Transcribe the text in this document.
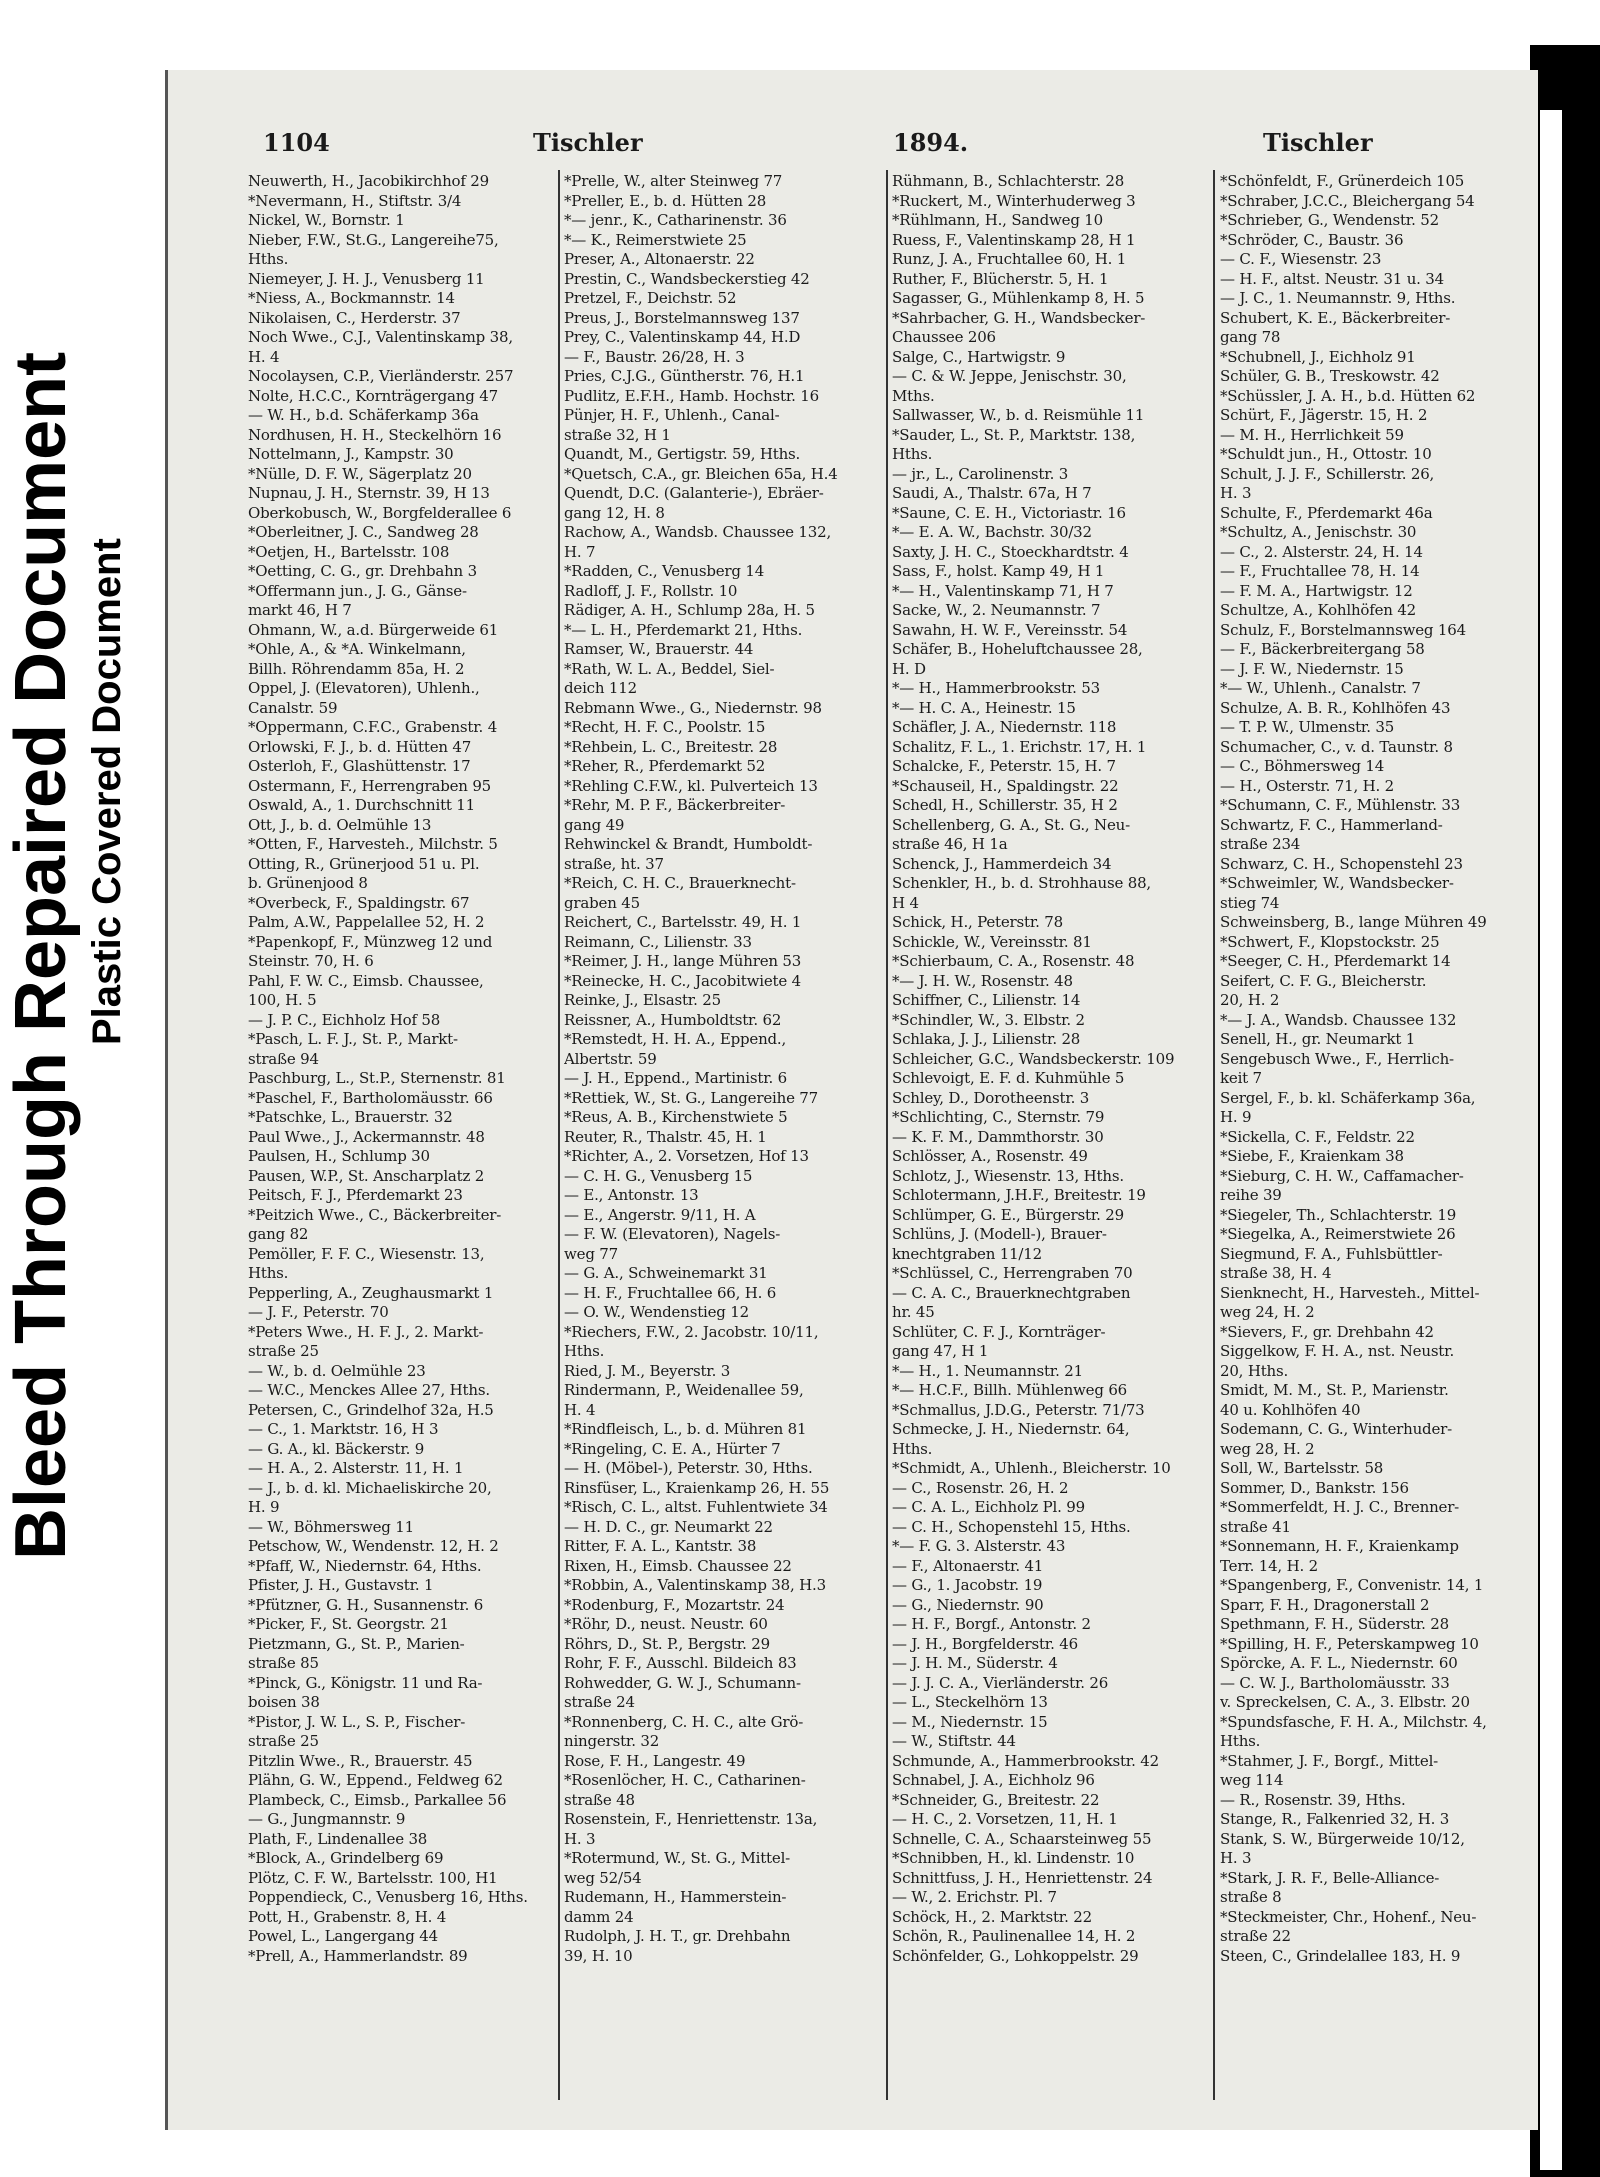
Bleed Through Repaired Document Plastic Covered Document
1104	Tischler	1894.	Tischler
Neuwerth, H., Jacobikirchhof 29
*Nevermann, H., Stiftstr. 3/4
Nickel, W., Bornstr. 1
Nieber, F.W., St.G., Langereihe75,
Hths.
Niemeyer, J. H. J., Venusberg 11
*Niess, A., Bockmannstr. 14
Nikolaisen, C., Herderstr. 37
Noch Wwe., C.J., Valentinskamp 38,
H. 4
Nocolaysen, C.P., Vierländerstr. 257
Nolte, H.C.C., Kornträgergang 47
— W. H., b.d. Schäferkamp 36a
Nordhusen, H. H., Steckelhörn 16
Nottelmann, J., Kampstr. 30
*Nülle, D. F. W., Sägerplatz 20
Nupnau, J. H., Sternstr. 39, H 13
Oberkobusch, W., Borgfelderallee 6
*Oberleitner, J. C., Sandweg 28
*Oetjen, H., Bartelsstr. 108
*Oetting, C. G., gr. Drehbahn 3
*Offermann jun., J. G., Gänse-
markt 46, H 7
Ohmann, W., a.d. Bürgerweide 61
*Ohle, A., & *A. Winkelmann,
Billh. Röhrendamm 85a, H. 2
Oppel, J. (Elevatoren), Uhlenh.,
Canalstr. 59
*Oppermann, C.F.C., Grabenstr. 4
Orlowski, F. J., b. d. Hütten 47
Osterloh, F., Glashüttenstr. 17
Ostermann, F., Herrengraben 95
Oswald, A., 1. Durchschnitt 11
Ott, J., b. d. Oelmühle 13
*Otten, F., Harvestеh., Milchstr. 5
Otting, R., Grünerjood 51 u. Pl.
b. Grünenjood 8
*Overbeck, F., Spaldingstr. 67
Palm, A.W., Pappelallee 52, H. 2
*Papenkopf, F., Münzweg 12 und
Steinstr. 70, H. 6
Pahl, F. W. C., Eimsb. Chaussee,
100, H. 5
— J. P. C., Eichholz Hof 58
*Pasch, L. F. J., St. P., Markt-
straße 94
Paschburg, L., St.P., Sternenstr. 81
*Paschel, F., Bartholomäusstr. 66
*Patschke, L., Brauerstr. 32
Paul Wwe., J., Ackermannstr. 48
Paulsen, H., Schlump 30
Pausen, W.P., St. Anscharplatz 2
Peitsch, F. J., Pferdemarkt 23
*Peitzich Wwe., C., Bäckerbreiter-
gang 82
Pemöller, F. F. C., Wiesenstr. 13,
Hths.
Pepperling, A., Zeughausmarkt 1
— J. F., Peterstr. 70
*Peters Wwe., H. F. J., 2. Markt-
straße 25
— W., b. d. Oelmühle 23
— W.C., Menckes Allee 27, Hths.
Petersen, C., Grindelhof 32a, H.5
— C., 1. Marktstr. 16, H 3
— G. A., kl. Bäckerstr. 9
— H. A., 2. Alsterstr. 11, H. 1
— J., b. d. kl. Michaeliskirche 20,
H. 9
— W., Böhmersweg 11
Petschow, W., Wendenstr. 12, H. 2
*Pfaff, W., Niedernstr. 64, Hths.
Pfister, J. H., Gustavstr. 1
*Pfützner, G. H., Susannenstr. 6
*Picker, F., St. Georgstr. 21
Pietzmann, G., St. P., Marien-
straße 85
*Pinck, G., Königstr. 11 und Ra-
boisen 38
*Pistor, J. W. L., S. P., Fischer-
straße 25
Pitzlin Wwe., R., Brauerstr. 45
Plähn, G. W., Eppend., Feldweg 62
Plambeck, C., Eimsb., Parkallee 56
— G., Jungmannstr. 9
Plath, F., Lindenallee 38
*Block, A., Grindelberg 69
Plötz, C. F. W., Bartelsstr. 100, H1
Poppendieck, C., Venusberg 16, Hths.
Pott, H., Grabenstr. 8, H. 4
Powel, L., Langergang 44
*Prell, A., Hammerlandstr. 89
*Prelle, W., alter Steinweg 77
*Preller, E., b. d. Hütten 28
*— jenr., K., Catharinenstr. 36
*— K., Reimerstwiete 25
Preser, A., Altonaerstr. 22
Prestin, C., Wandsbeckerstieg 42
Pretzel, F., Deichstr. 52
Preus, J., Borstelmannsweg 137
Prey, C., Valentinskamp 44, H.D
— F., Baustr. 26/28, H. 3
Pries, C.J.G., Güntherstr. 76, H.1
Pudlitz, E.F.H., Hamb. Hochstr. 16
Pünjer, H. F., Uhlenh., Canal-
straße 32, H 1
Quandt, M., Gertigstr. 59, Hths.
*Quetsch, C.A., gr. Bleichen 65a, H.4
Quendt, D.C. (Galanterie-), Ebräer-
gang 12, H. 8
Rachow, A., Wandsb. Chaussee 132,
H. 7
*Radden, C., Venusberg 14
Radloff, J. F., Rollstr. 10
Rädiger, A. H., Schlump 28a, H. 5
*— L. H., Pferdemarkt 21, Hths.
Ramser, W., Brauerstr. 44
*Rath, W. L. A., Beddel, Siel-
deich 112
Rebmann Wwe., G., Niedernstr. 98
*Recht, H. F. C., Poolstr. 15
*Rehbein, L. C., Breitestr. 28
*Reher, R., Pferdemarkt 52
*Rehling C.F.W., kl. Pulverteich 13
*Rehr, M. P. F., Bäckerbreiter-
gang 49
Rehwinckel & Brandt, Humboldt-
straße, ht. 37
*Reich, C. H. C., Brauerknecht-
graben 45
Reichert, C., Bartelsstr. 49, H. 1
Reimann, C., Lilienstr. 33
*Reimer, J. H., lange Mühren 53
*Reinecke, H. C., Jacobitwiete 4
Reinke, J., Elsastr. 25
Reissner, A., Humboldtstr. 62
*Remstedt, H. H. A., Eppend.,
Albertstr. 59
— J. H., Eppend., Martinistr. 6
*Rettiek, W., St. G., Langereihe 77
*Reus, A. B., Kirchenstwiete 5
Reuter, R., Thalstr. 45, H. 1
*Richter, A., 2. Vorsetzen, Hof 13
— C. H. G., Venusberg 15
— E., Antonstr. 13
— E., Angerstr. 9/11, H. A
— F. W. (Elevatoren), Nagels-
weg 77
— G. A., Schweinemarkt 31
— H. F., Fruchtallee 66, H. 6
— O. W., Wendenstieg 12
*Riechers, F.W., 2. Jacobstr. 10/11,
Hths.
Ried, J. M., Beyerstr. 3
Rindermann, P., Weidenallee 59,
H. 4
*Rindfleisch, L., b. d. Mühren 81
*Ringeling, C. E. A., Hürter 7
— H. (Möbel-), Peterstr. 30, Hths.
Rinsfüser, L., Kraienkamp 26, H. 55
*Risch, C. L., altst. Fuhlentwiete 34
— H. D. C., gr. Neumarkt 22
Ritter, F. A. L., Kantstr. 38
Rixen, H., Eimsb. Chaussee 22
*Robbin, A., Valentinskamp 38, H.3
*Rodenburg, F., Mozartstr. 24
*Röhr, D., neust. Neustr. 60
Röhrs, D., St. P., Bergstr. 29
Rohr, F. F., Ausschl. Bildeich 83
Rohwedder, G. W. J., Schumann-
straße 24
*Ronnenberg, C. H. C., alte Grö-
ningerstr. 32
Rose, F. H., Langestr. 49
*Rosenlöcher, H. C., Catharinen-
straße 48
Rosenstein, F., Henriettenstr. 13a,
H. 3
*Rotermund, W., St. G., Mittel-
weg 52/54
Rudemann, H., Hammerstein-
damm 24
Rudolph, J. H. T., gr. Drehbahn
39, H. 10
Rühmann, B., Schlachterstr. 28
*Ruckert, M., Winterhuderweg 3
*Rühlmann, H., Sandweg 10
Ruess, F., Valentinskamp 28, H 1
Runz, J. A., Fruchtallee 60, H. 1
Ruther, F., Blücherstr. 5, H. 1
Sagasser, G., Mühlenkamp 8, H. 5
*Sahrbacher, G. H., Wandsbecker-
Chaussee 206
Salge, C., Hartwigstr. 9
— C. & W. Jeppe, Jenischstr. 30,
Mths.
Sallwasser, W., b. d. Reismühle 11
*Sauder, L., St. P., Marktstr. 138,
Hths.
— jr., L., Carolinenstr. 3
Saudi, A., Thalstr. 67a, H 7
*Saune, C. E. H., Victoriastr. 16
*— E. A. W., Bachstr. 30/32
Saxty, J. H. C., Stoeckhardtstr. 4
Sass, F., holst. Kamp 49, H 1
*— H., Valentinskamp 71, H 7
Sacke, W., 2. Neumannstr. 7
Sawahn, H. W. F., Vereinsstr. 54
Schäfer, B., Hoheluftchaussee 28,
H. D
*— H., Hammerbrookstr. 53
*— H. C. A., Heinestr. 15
Schäfler, J. A., Niedernstr. 118
Schalitz, F. L., 1. Erichstr. 17, H. 1
Schalcke, F., Peterstr. 15, H. 7
*Schauseil, H., Spaldingstr. 22
Schedl, H., Schillerstr. 35, H 2
Schellenberg, G. A., St. G., Neu-
straße 46, H 1a
Schenck, J., Hammerdeich 34
Schenkler, H., b. d. Strohhause 88,
H 4
Schick, H., Peterstr. 78
Schickle, W., Vereinsstr. 81
*Schierbaum, C. A., Rosenstr. 48
*— J. H. W., Rosenstr. 48
Schiffner, C., Lilienstr. 14
*Schindler, W., 3. Elbstr. 2
Schlaka, J. J., Lilienstr. 28
Schleicher, G.C., Wandsbeckerstr. 109
Schlevoigt, E. F. d. Kuhmühle 5
Schley, D., Dorotheenstr. 3
*Schlichting, C., Sternstr. 79
— K. F. M., Dammthorstr. 30
Schlösser, A., Rosenstr. 49
Schlotz, J., Wiesenstr. 13, Hths.
Schlotermann, J.H.F., Breitestr. 19
Schlümper, G. E., Bürgerstr. 29
Schlüns, J. (Modell-), Brauer-
knechtgraben 11/12
*Schlüssel, C., Herrengraben 70
— C. A. C., Brauerknechtgraben
hr. 45
Schlüter, C. F. J., Kornträger-
gang 47, H 1
*— H., 1. Neumannstr. 21
*— H.C.F., Billh. Mühlenweg 66
*Schmallus, J.D.G., Peterstr. 71/73
Schmecke, J. H., Niedernstr. 64,
Hths.
*Schmidt, A., Uhlenh., Bleicherstr. 10
— C., Rosenstr. 26, H. 2
— C. A. L., Eichholz Pl. 99
— C. H., Schopenstehl 15, Hths.
*— F. G. 3. Alsterstr. 43
— F., Altonaerstr. 41
— G., 1. Jacobstr. 19
— G., Niedernstr. 90
— H. F., Borgf., Antonstr. 2
— J. H., Borgfelderstr. 46
— J. H. M., Süderstr. 4
— J. J. C. A., Vierländerstr. 26
— L., Steckelhörn 13
— M., Niedernstr. 15
— W., Stiftstr. 44
Schmunde, A., Hammerbrookstr. 42
Schnabel, J. A., Eichholz 96
*Schneider, G., Breitestr. 22
— H. C., 2. Vorsetzen, 11, H. 1
Schnelle, C. A., Schaarsteinweg 55
*Schnibben, H., kl. Lindenstr. 10
Schnittfuss, J. H., Henriettenstr. 24
— W., 2. Erichstr. Pl. 7
Schöck, H., 2. Marktstr. 22
Schön, R., Paulinenallee 14, H. 2
Schönfelder, G., Lohkoppelstr. 29
*Schönfeldt, F., Grünerdeich 105
*Schraber, J.C.C., Bleichergang 54
*Schrieber, G., Wendenstr. 52
*Schröder, C., Baustr. 36
— C. F., Wiesenstr. 23
— H. F., altst. Neustr. 31 u. 34
— J. C., 1. Neumannstr. 9, Hths.
Schubert, K. E., Bäckerbreiter-
gang 78
*Schubnell, J., Eichholz 91
Schüler, G. B., Treskowstr. 42
*Schüssler, J. A. H., b.d. Hütten 62
Schürt, F., Jägerstr. 15, H. 2
— M. H., Herrlichkeit 59
*Schuldt jun., H., Ottostr. 10
Schult, J. J. F., Schillerstr. 26,
H. 3
Schulte, F., Pferdemarkt 46a
*Schultz, A., Jenischstr. 30
— C., 2. Alsterstr. 24, H. 14
— F., Fruchtallee 78, H. 14
— F. M. A., Hartwigstr. 12
Schultze, A., Kohlhöfen 42
Schulz, F., Borstelmannsweg 164
— F., Bäckerbreitergang 58
— J. F. W., Niedernstr. 15
*— W., Uhlenh., Canalstr. 7
Schulze, A. B. R., Kohlhöfen 43
— T. P. W., Ulmenstr. 35
Schumacher, C., v. d. Taunstr. 8
— C., Böhmersweg 14
— H., Osterstr. 71, H. 2
*Schumann, C. F., Mühlenstr. 33
Schwartz, F. C., Hammerland-
straße 234
Schwarz, C. H., Schopenstehl 23
*Schweimler, W., Wandsbecker-
stieg 74
Schweinsberg, B., lange Mühren 49
*Schwert, F., Klopstockstr. 25
*Seeger, C. H., Pferdemarkt 14
Seifert, C. F. G., Bleicherstr.
20, H. 2
*— J. A., Wandsb. Chaussee 132
Senell, H., gr. Neumarkt 1
Sengebusch Wwe., F., Herrlich-
keit 7
Sergel, F., b. kl. Schäferkamp 36a,
H. 9
*Sickella, C. F., Feldstr. 22
*Siebe, F., Kraienkam 38
*Sieburg, C. H. W., Caffamacher-
reihe 39
*Siegeler, Th., Schlachterstr. 19
*Siegelka, A., Reimerstwiete 26
Siegmund, F. A., Fuhlsbüttler-
straße 38, H. 4
Sienknecht, H., Harvesteh., Mittel-
weg 24, H. 2
*Sievers, F., gr. Drehbahn 42
Siggelkow, F. H. A., nst. Neustr.
20, Hths.
Smidt, M. M., St. P., Marienstr.
40 u. Kohlhöfen 40
Sodemann, C. G., Winterhuder-
weg 28, H. 2
Soll, W., Bartelsstr. 58
Sommer, D., Bankstr. 156
*Sommerfeldt, H. J. C., Brenner-
straße 41
*Sonnemann, H. F., Kraienkamp
Terr. 14, H. 2
*Spangenberg, F., Convenistr. 14, 1
Sparr, F. H., Dragonerstall 2
Spethmann, F. H., Süderstr. 28
*Spilling, H. F., Peterskampweg 10
Spörcke, A. F. L., Niedernstr. 60
— C. W. J., Bartholomäusstr. 33
v. Spreckelsen, C. A., 3. Elbstr. 20
*Spundsfasche, F. H. A., Milchstr. 4,
Hths.
*Stahmer, J. F., Borgf., Mittel-
weg 114
— R., Rosenstr. 39, Hths.
Stange, R., Falkenried 32, H. 3
Stank, S. W., Bürgerweide 10/12,
H. 3
*Stark, J. R. F., Belle-Alliance-
straße 8
*Steckmeister, Chr., Hohenf., Neu-
straße 22
Steen, C., Grindelallee 183, H. 9
